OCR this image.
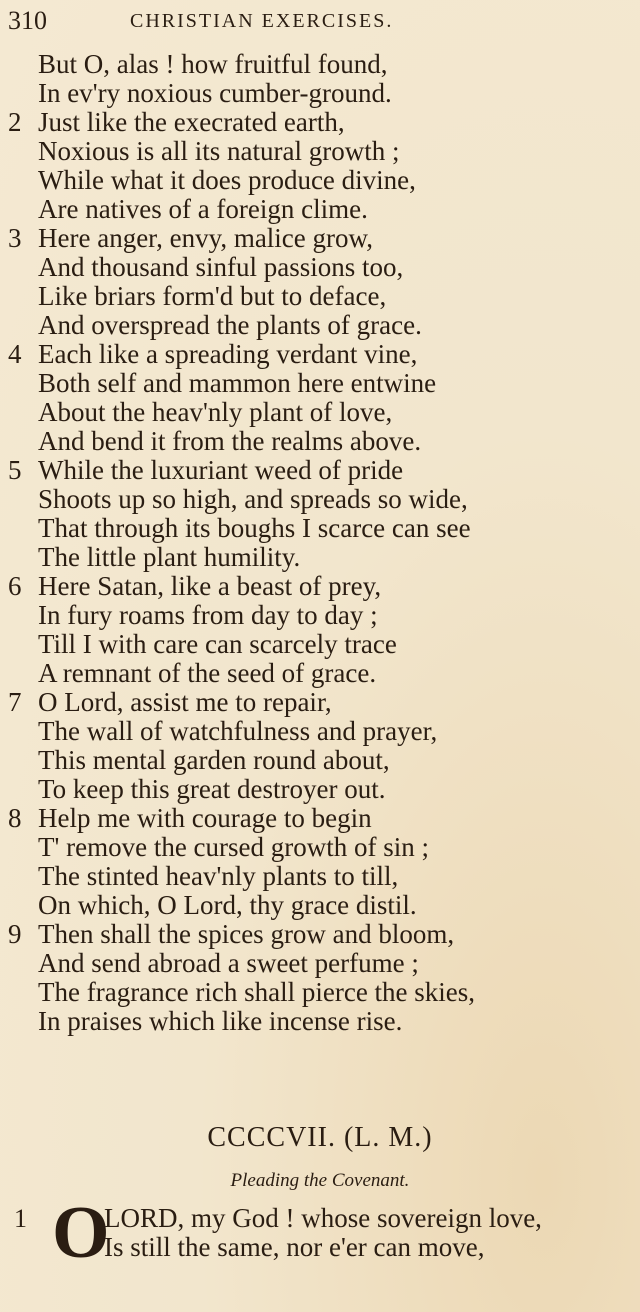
310	CHRISTIAN EXERCISES.
But O, alas ! how fruitful found,
In ev'ry noxious cumber-ground.
2 Just like the execrated earth,
Noxious is all its natural growth ;
While what it does produce divine,
Are natives of a foreign clime.
3 Here anger, envy, malice grow,
And thousand sinful passions too,
Like briars form'd but to deface,
And overspread the plants of grace.
4 Each like a spreading verdant vine,
Both self and mammon here entwine
About the heav'nly plant of love,
And bend it from the realms above.
5 While the luxuriant weed of pride
Shoots up so high, and spreads so wide,
That through its boughs I scarce can see
The little plant humility.
6 Here Satan, like a beast of prey,
In fury roams from day to day ;
Till I with care can scarcely trace
A remnant of the seed of grace.
7 O Lord, assist me to repair,
The wall of watchfulness and prayer,
This mental garden round about,
To keep this great destroyer out.
8 Help me with courage to begin
T' remove the cursed growth of sin ;
The stinted heav'nly plants to till,
On which, O Lord, thy grace distil.
9 Then shall the spices grow and bloom,
And send abroad a sweet perfume ;
The fragrance rich shall pierce the skies,
In praises which like incense rise.
CCCCVII. (L. M.)
Pleading the Covenant.
1 O
LORD, my God ! whose sovereign love,
Is still the same, nor e'er can move,
